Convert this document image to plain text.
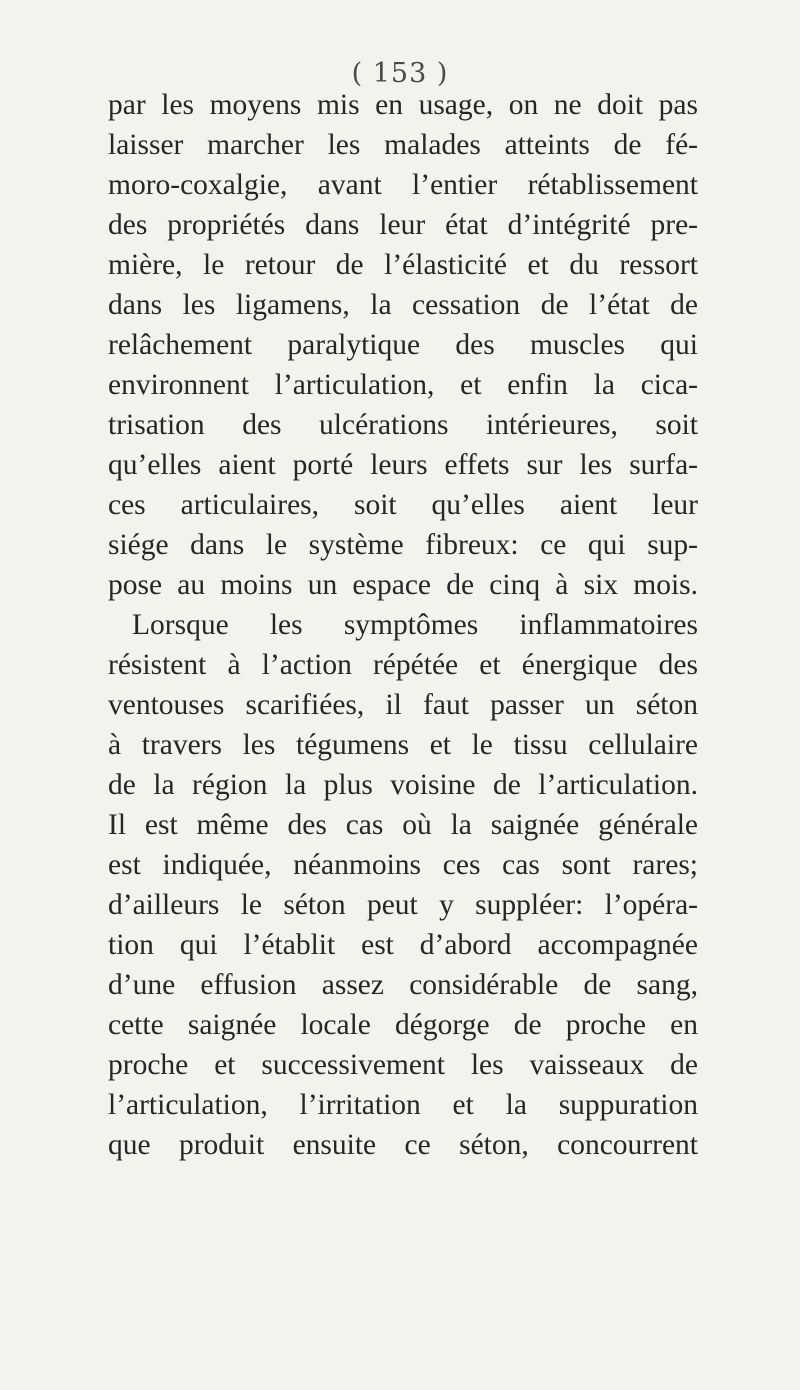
( 153 )
par les moyens mis en usage, on ne doit pas
laisser marcher les malades atteints de fé-
moro-coxalgie, avant l’entier rétablissement
des propriétés dans leur état d’intégrité pre-
mière, le retour de l’élasticité et du ressort
dans les ligamens, la cessation de l’état de
relâchement paralytique des muscles qui
environnent l’articulation, et enfin la cica-
trisation des ulcérations intérieures, soit
qu’elles aient porté leurs effets sur les surfa-
ces articulaires, soit qu’elles aient leur
siége dans le système fibreux: ce qui sup-
pose au moins un espace de cinq à six mois.
Lorsque les symptômes inflammatoires
résistent à l’action répétée et énergique des
ventouses scarifiées, il faut passer un séton
à travers les tégumens et le tissu cellulaire
de la région la plus voisine de l’articulation.
Il est même des cas où la saignée générale
est indiquée, néanmoins ces cas sont rares;
d’ailleurs le séton peut y suppléer: l’opéra-
tion qui l’établit est d’abord accompagnée
d’une effusion assez considérable de sang,
cette saignée locale dégorge de proche en
proche et successivement les vaisseaux de
l’articulation, l’irritation et la suppuration
que produit ensuite ce séton, concourrent
